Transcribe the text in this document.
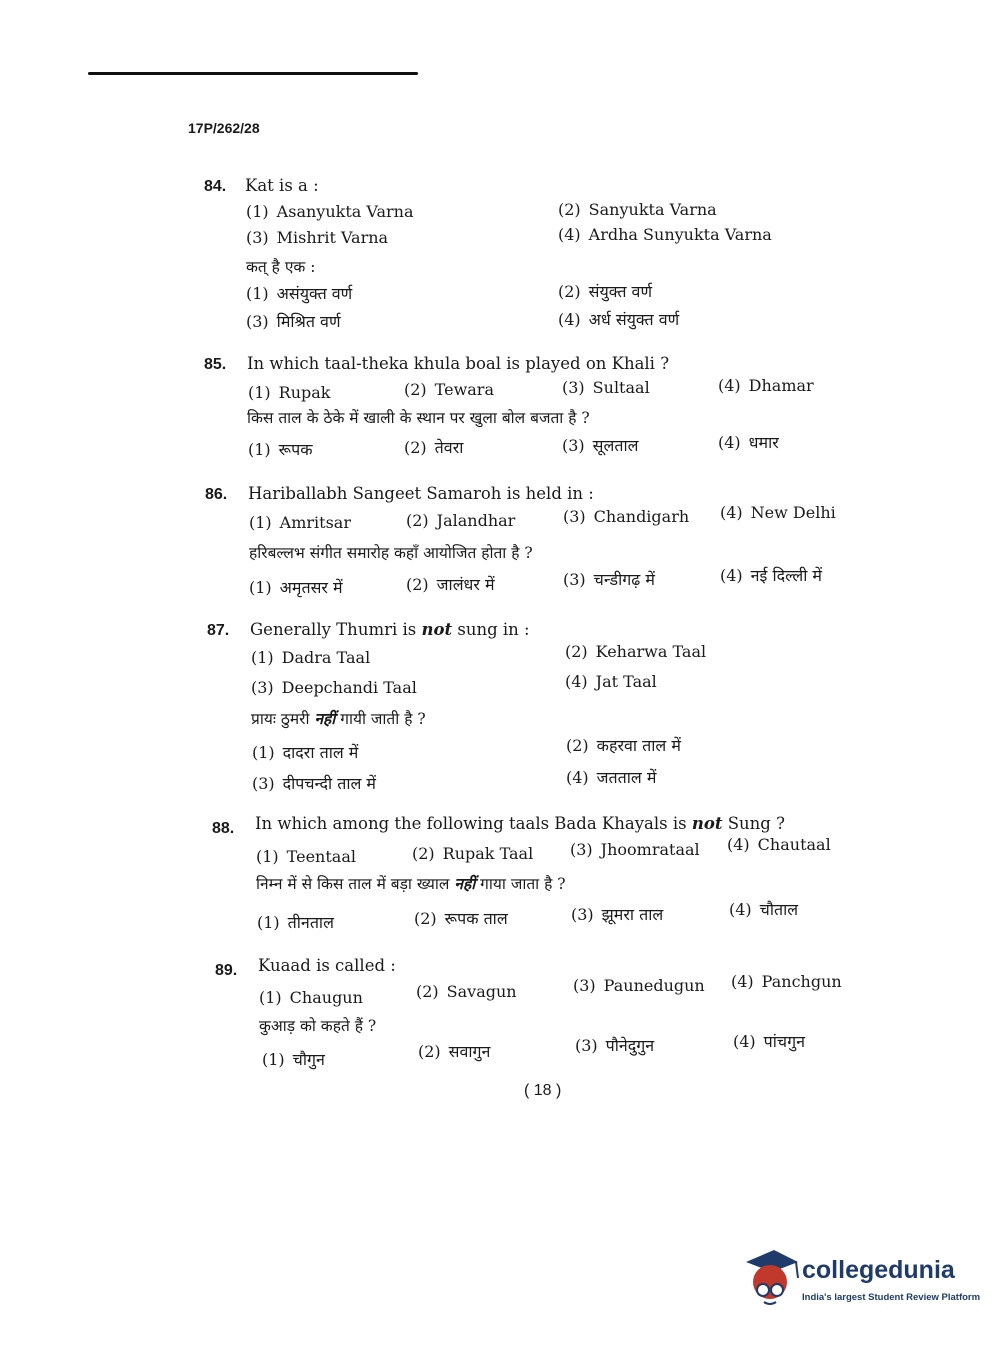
17P/262/28
84. Kat is a :
(1) Asanyukta Varna	(2) Sanyukta Varna
(3) Mishrit Varna	(4) Ardha Sunyukta Varna
कत् है एक :
(1) असंयुक्त वर्ण	(2) संयुक्त वर्ण
(3) मिश्रित वर्ण	(4) अर्ध संयुक्त वर्ण
85. In which taal-theka khula boal is played on Khali ?
(1) Rupak	(2) Tewara	(3) Sultaal	(4) Dhamar
किस ताल के ठेके में खाली के स्थान पर खुला बोल बजता है ?
(1) रूपक	(2) तेवरा	(3) सूलताल	(4) धमार
86. Hariballabh Sangeet Samaroh is held in :
(1) Amritsar	(2) Jalandhar	(3) Chandigarh (4) New Delhi
हरिबल्लभ संगीत समारोह कहाँ आयोजित होता है ?
(1) अमृतसर में	(2) जालंधर में	(3) चन्डीगढ़ में	(4) नई दिल्ली में
87. Generally Thumri is not sung in :
(1) Dadra Taal	(2) Keharwa Taal
(3) Deepchandi Taal	(4) Jat Taal
प्रायः ठुमरी नहीं गायी जाती है ?
(1) दादरा ताल में	(2) कहरवा ताल में
(3) दीपचन्दी ताल में	(4) जतताल में
88. In which among the following taals Bada Khayals is not Sung ?
(1) Teentaal	(2) Rupak Taal (3) Jhoomrataal (4) Chautaal
निम्न में से किस ताल में बड़ा ख्याल नहीं गाया जाता है ?
(1) तीनताल	(2) रूपक ताल	(3) झूमरा ताल	(4) चौताल
89. Kuaad is called :
(1) Chaugun	(2) Savagun	(3) Paunedugun (4) Panchgun
कुआड़ को कहते हैं ?
(1) चौगुन	(2) सवागुन	(3) पौनेदुगुन	(4) पांचगुन
( 18 )
collegedunia
India's largest Student Review Platform
